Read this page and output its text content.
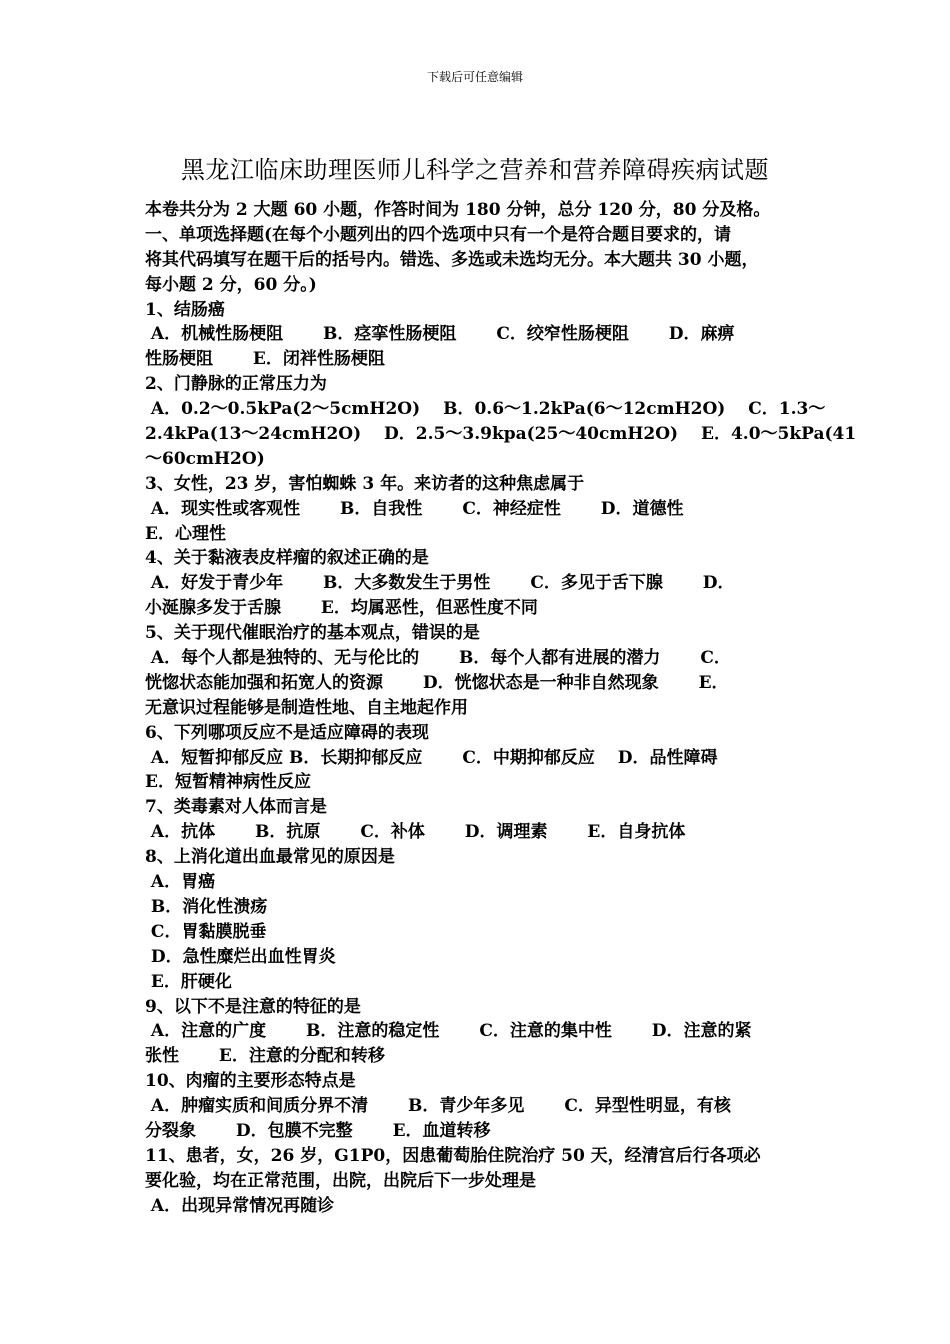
下载后可任意编辑
黑龙江临床助理医师儿科学之营养和营养障碍疾病试题
本卷共分为 2 大题 60 小题，作答时间为 180 分钟，总分 120 分，80 分及格。
一、单项选择题(在每个小题列出的四个选项中只有一个是符合题目要求的，请
将其代码填写在题干后的括号内。错选、多选或未选均无分。本大题共 30 小题，
每小题 2 分，60 分。)
1、结肠癌
A．机械性肠梗阻　　 B．痉挛性肠梗阻　　 C．绞窄性肠梗阻　　 D．麻痹
性肠梗阻　　 E．闭袢性肠梗阻
2、门静脉的正常压力为
A．0.2～0.5kPa(2～5cmH2O)　 B．0.6～1.2kPa(6～12cmH2O)　 C．1.3～
2.4kPa(13～24cmH2O)　 D．2.5～3.9kpa(25～40cmH2O)　 E．4.0～5kPa(41
～60cmH2O)
3、女性，23 岁，害怕蜘蛛 3 年。来访者的这种焦虑属于
A．现实性或客观性　　 B．自我性　　 C．神经症性　　 D．道德性
E．心理性
4、关于黏液表皮样瘤的叙述正确的是
A．好发于青少年　　 B．大多数发生于男性　　 C．多见于舌下腺　　 D．
小涎腺多发于舌腺　　 E．均属恶性，但恶性度不同
5、关于现代催眠治疗的基本观点，错误的是
A．每个人都是独特的、无与伦比的　　 B．每个人都有进展的潜力　　 C．
恍惚状态能加强和拓宽人的资源　　 D．恍惚状态是一种非自然现象　　 E．
无意识过程能够是制造性地、自主地起作用
6、下列哪项反应不是适应障碍的表现
A．短暂抑郁反应 B．长期抑郁反应　　 C．中期抑郁反应　 D．品性障碍
E．短暂精神病性反应
7、类毒素对人体而言是
A．抗体　　 B．抗原　　 C．补体　　 D．调理素　　 E．自身抗体
8、上消化道出血最常见的原因是
A．胃癌
B．消化性溃疡
C．胃黏膜脱垂
D．急性糜烂出血性胃炎
E．肝硬化
9、以下不是注意的特征的是
A．注意的广度　　 B．注意的稳定性　　 C．注意的集中性　　 D．注意的紧
张性　　 E．注意的分配和转移
10、肉瘤的主要形态特点是
A．肿瘤实质和间质分界不清　　 B．青少年多见　　 C．异型性明显，有核
分裂象　　 D．包膜不完整　　 E．血道转移
11、患者，女，26 岁，G1P0，因患葡萄胎住院治疗 50 天，经清宫后行各项必
要化验，均在正常范围，出院，出院后下一步处理是
A．出现异常情况再随诊
